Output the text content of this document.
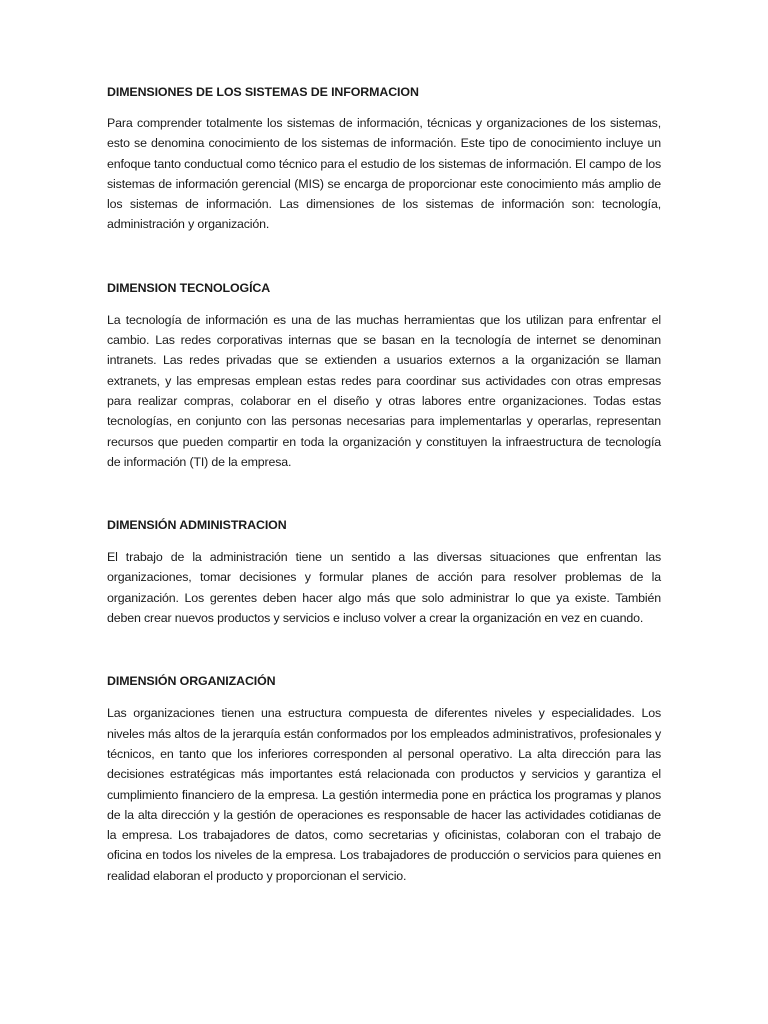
DIMENSIONES DE LOS SISTEMAS DE INFORMACION

Para comprender totalmente los sistemas de información, técnicas y organizaciones de los sistemas, esto se denomina conocimiento de los sistemas de información. Este tipo de conocimiento incluye un enfoque tanto conductual como técnico para el estudio de los sistemas de información. El campo de los sistemas de información gerencial (MIS) se encarga de proporcionar este conocimiento más amplio de los sistemas de información. Las dimensiones de los sistemas de información son: tecnología, administración y organización.

DIMENSION TECNOLOGÍCA

La tecnología de información es una de las muchas herramientas que los utilizan para enfrentar el cambio. Las redes corporativas internas que se basan en la tecnología de internet se denominan intranets. Las redes privadas que se extienden a usuarios externos a la organización se llaman extranets, y las empresas emplean estas redes para coordinar sus actividades con otras empresas para realizar compras, colaborar en el diseño y otras labores entre organizaciones. Todas estas tecnologías, en conjunto con las personas necesarias para implementarlas y operarlas, representan recursos que pueden compartir en toda la organización y constituyen la infraestructura de tecnología de información (TI) de la empresa.

DIMENSIÓN ADMINISTRACION

El trabajo de la administración tiene un sentido a las diversas situaciones que enfrentan las organizaciones, tomar decisiones y formular planes de acción para resolver problemas de la organización. Los gerentes deben hacer algo más que solo administrar lo que ya existe. También deben crear nuevos productos y servicios e incluso volver a crear la organización en vez en cuando.

DIMENSIÓN ORGANIZACIÓN

Las organizaciones tienen una estructura compuesta de diferentes niveles y especialidades. Los niveles más altos de la jerarquía están conformados por los empleados administrativos, profesionales y técnicos, en tanto que los inferiores corresponden al personal operativo. La alta dirección para las decisiones estratégicas más importantes está relacionada con productos y servicios y garantiza el cumplimiento financiero de la empresa. La gestión intermedia pone en práctica los programas y planos de la alta dirección y la gestión de operaciones es responsable de hacer las actividades cotidianas de la empresa. Los trabajadores de datos, como secretarias y oficinistas, colaboran con el trabajo de oficina en todos los niveles de la empresa. Los trabajadores de producción o servicios para quienes en realidad elaboran el producto y proporcionan el servicio.
